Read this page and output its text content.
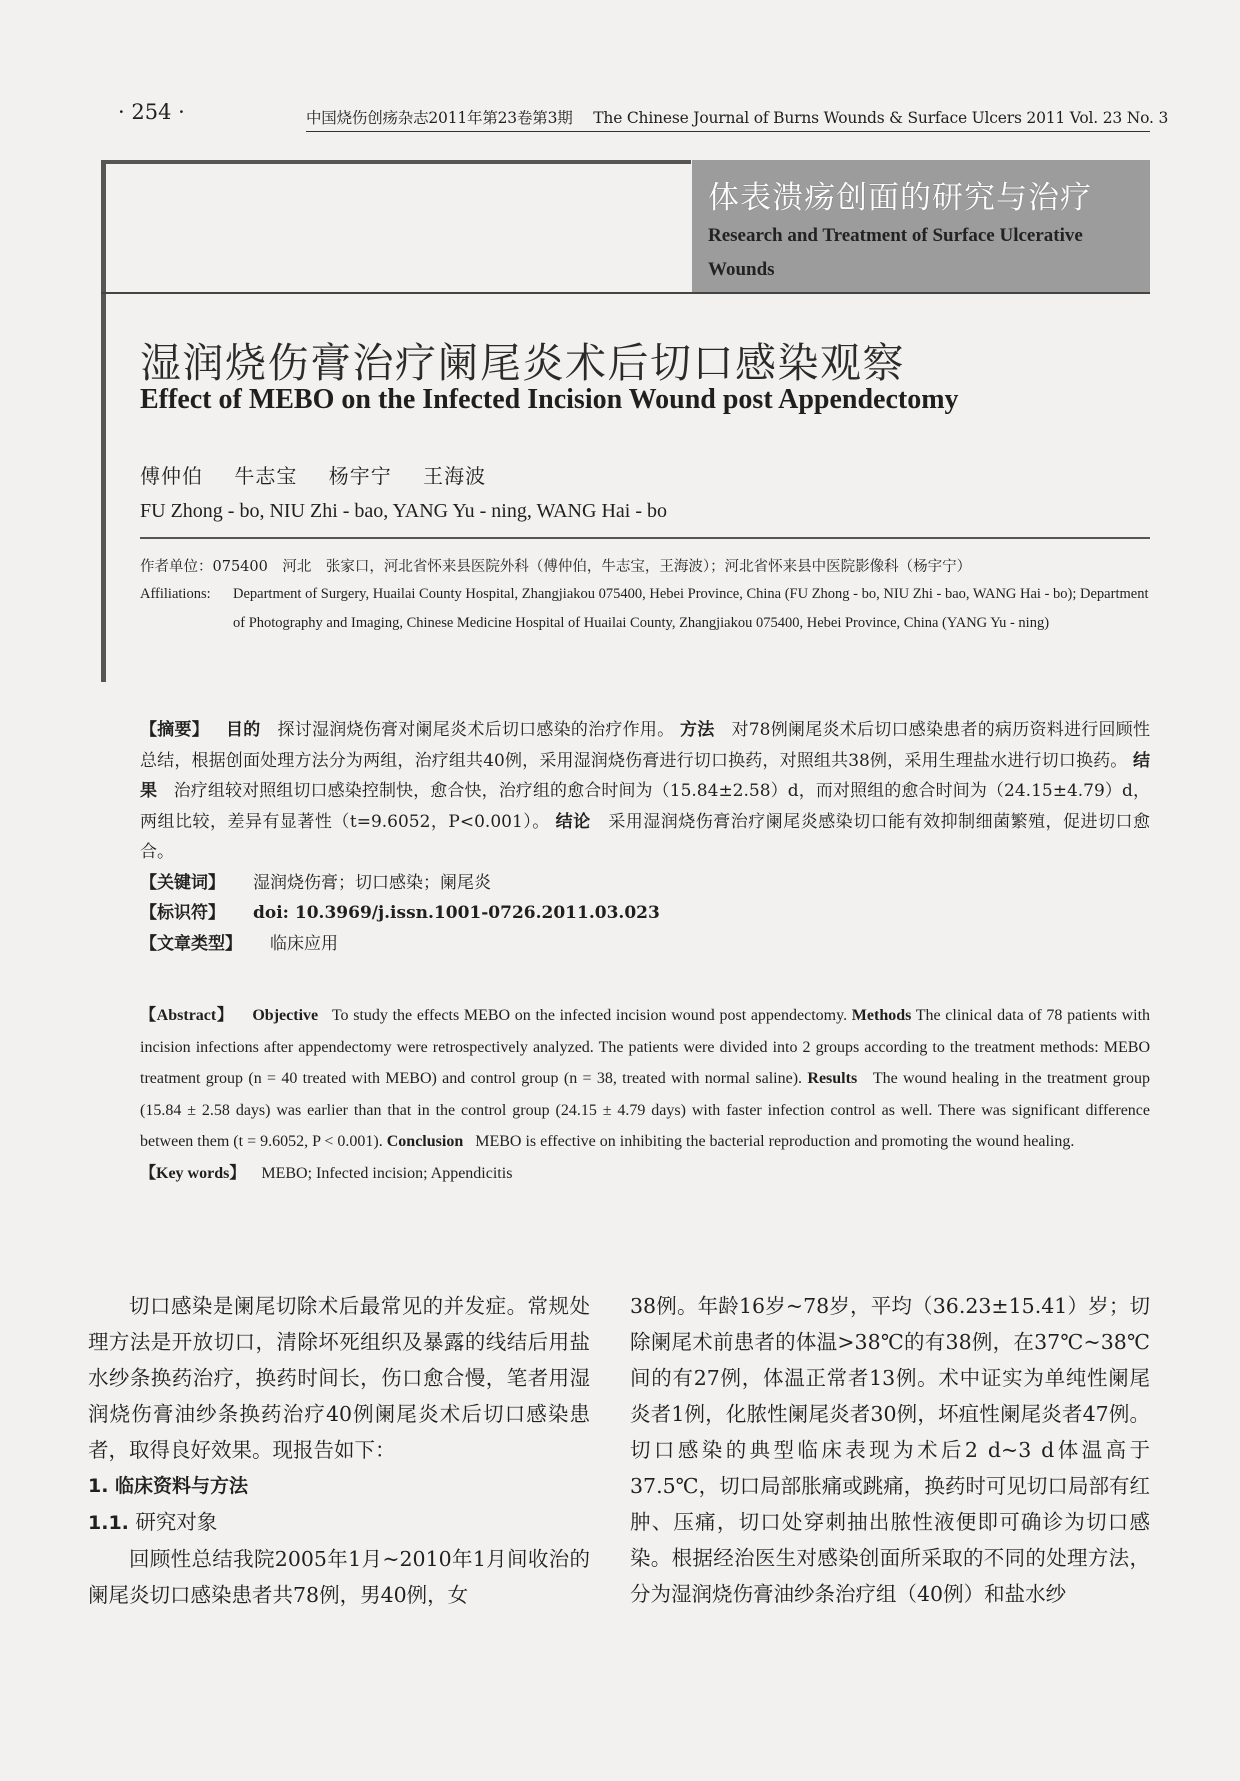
· 254 ·	中国烧伤创疡杂志2011年第23卷第3期 The Chinese Journal of Burns Wounds & Surface Ulcers 2011 Vol. 23 No. 3
体表溃疡创面的研究与治疗
Research and Treatment of Surface Ulcerative Wounds
湿润烧伤膏治疗阑尾炎术后切口感染观察
Effect of MEBO on the Infected Incision Wound post Appendectomy
傅仲伯 牛志宝 杨宇宁 王海波
FU Zhong - bo, NIU Zhi - bao, YANG Yu - ning, WANG Hai - bo
作者单位：075400　河北　张家口，河北省怀来县医院外科（傅仲伯，牛志宝，王海波）；河北省怀来县中医院影像科（杨宇宁）
Affiliations: Department of Surgery, Huailai County Hospital, Zhangjiakou 075400, Hebei Province, China (FU Zhong - bo, NIU Zhi - bao, WANG Hai - bo); Department of Photography and Imaging, Chinese Medicine Hospital of Huailai County, Zhangjiakou 075400, Hebei Province, China (YANG Yu - ning)
【摘要】 目的 探讨湿润烧伤膏对阑尾炎术后切口感染的治疗作用。 方法 对78例阑尾炎术后切口感染患者的病历资料进行回顾性总结，根据创面处理方法分为两组，治疗组共40例，采用湿润烧伤膏进行切口换药，对照组共38例，采用生理盐水进行切口换药。 结果 治疗组较对照组切口感染控制快，愈合快，治疗组的愈合时间为（15.84±2.58）d，而对照组的愈合时间为（24.15±4.79）d，两组比较，差异有显著性（t=9.6052，P<0.001）。 结论 采用湿润烧伤膏治疗阑尾炎感染切口能有效抑制细菌繁殖，促进切口愈合。
【关键词】 湿润烧伤膏；切口感染；阑尾炎
【标识符】 doi: 10.3969/j.issn.1001-0726.2011.03.023
【文章类型】 临床应用
【Abstract】 Objective To study the effects MEBO on the infected incision wound post appendectomy. Methods The clinical data of 78 patients with incision infections after appendectomy were retrospectively analyzed. The patients were divided into 2 groups according to the treatment methods: MEBO treatment group (n = 40 treated with MEBO) and control group (n = 38, treated with normal saline). Results The wound healing in the treatment group (15.84 ± 2.58 days) was earlier than that in the control group (24.15 ± 4.79 days) with faster infection control as well. There was significant difference between them (t = 9.6052, P < 0.001). Conclusion MEBO is effective on inhibiting the bacterial reproduction and promoting the wound healing.
【Key words】 MEBO; Infected incision; Appendicitis
切口感染是阑尾切除术后最常见的并发症。常规处理方法是开放切口，清除坏死组织及暴露的线结后用盐水纱条换药治疗，换药时间长，伤口愈合慢，笔者用湿润烧伤膏油纱条换药治疗40例阑尾炎术后切口感染患者，取得良好效果。现报告如下：
1. 临床资料与方法
1.1. 研究对象
回顾性总结我院2005年1月~2010年1月间收治的阑尾炎切口感染患者共78例，男40例，女
38例。年龄16岁~78岁，平均（36.23±15.41）岁；切除阑尾术前患者的体温>38℃的有38例，在37℃~38℃间的有27例，体温正常者13例。术中证实为单纯性阑尾炎者1例，化脓性阑尾炎者30例，坏疽性阑尾炎者47例。切口感染的典型临床表现为术后2 d~3 d体温高于37.5℃，切口局部胀痛或跳痛，换药时可见切口局部有红肿、压痛，切口处穿刺抽出脓性液便即可确诊为切口感染。根据经治医生对感染创面所采取的不同的处理方法，分为湿润烧伤膏油纱条治疗组（40例）和盐水纱
